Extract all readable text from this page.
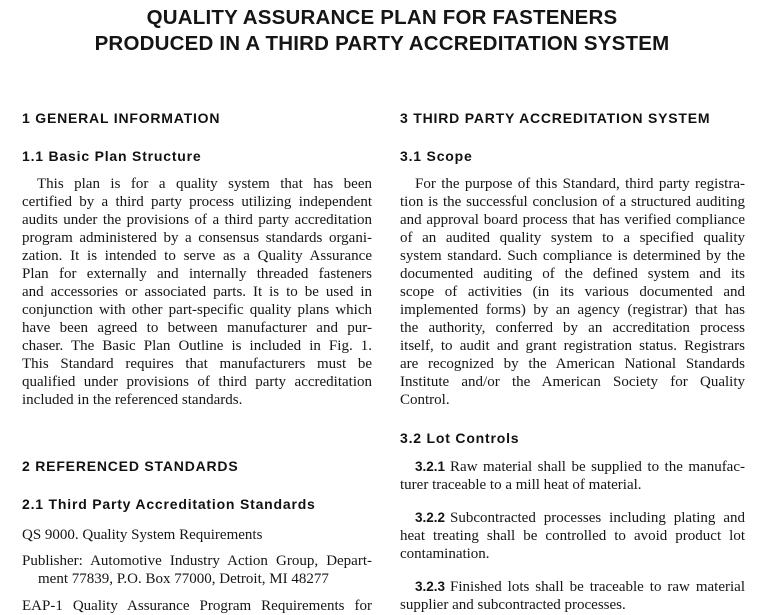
QUALITY ASSURANCE PLAN FOR FASTENERS
PRODUCED IN A THIRD PARTY ACCREDITATION SYSTEM
1 GENERAL INFORMATION
1.1 Basic Plan Structure
This plan is for a quality system that has been
certified by a third party process utilizing independent
audits under the provisions of a third party accreditation
program administered by a consensus standards organi-
zation. It is intended to serve as a Quality Assurance
Plan for externally and internally threaded fasteners
and accessories or associated parts. It is to be used in
conjunction with other part-specific quality plans which
have been agreed to between manufacturer and pur-
chaser. The Basic Plan Outline is included in Fig. 1.
This Standard requires that manufacturers must be
qualified under provisions of third party accreditation
included in the referenced standards.
2 REFERENCED STANDARDS
2.1 Third Party Accreditation Standards
QS 9000. Quality System Requirements
Publisher: Automotive Industry Action Group, Depart-
ment 77839, P.O. Box 77000, Detroit, MI 48277
EAP-1 Quality Assurance Program Requirements for
3 THIRD PARTY ACCREDITATION SYSTEM
3.1 Scope
For the purpose of this Standard, third party registra-
tion is the successful conclusion of a structured auditing
and approval board process that has verified compliance
of an audited quality system to a specified quality
system standard. Such compliance is determined by the
documented auditing of the defined system and its
scope of activities (in its various documented and
implemented forms) by an agency (registrar) that has
the authority, conferred by an accreditation process
itself, to audit and grant registration status. Registrars
are recognized by the American National Standards
Institute and/or the American Society for Quality
Control.
3.2 Lot Controls
3.2.1 Raw material shall be supplied to the manufac-
turer traceable to a mill heat of material.
3.2.2 Subcontracted processes including plating and
heat treating shall be controlled to avoid product lot
contamination.
3.2.3 Finished lots shall be traceable to raw material
supplier and subcontracted processes.
